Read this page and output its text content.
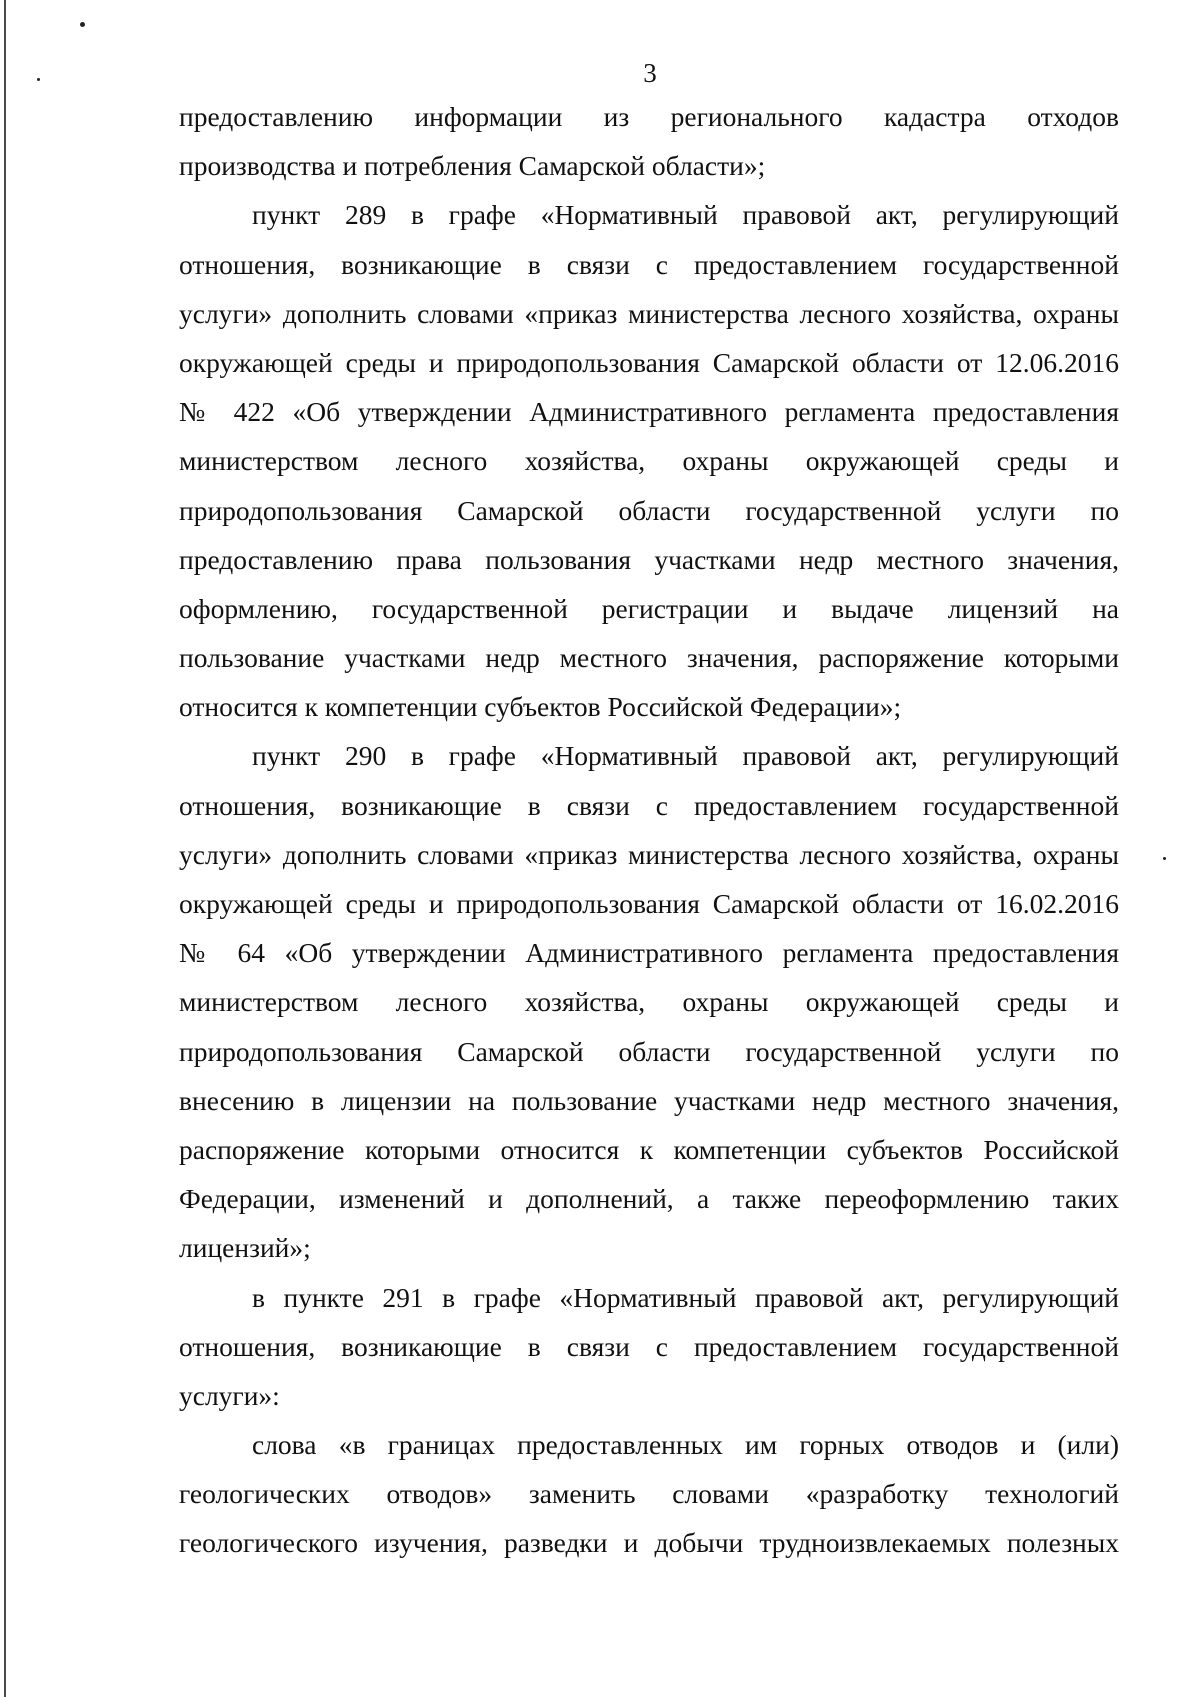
3
предоставлению информации из регионального кадастра отходов
производства и потребления Самарской области»;
пункт 289 в графе «Нормативный правовой акт, регулирующий
отношения, возникающие в связи с предоставлением государственной
услуги» дополнить словами «приказ министерства лесного хозяйства, охраны
окружающей среды и природопользования Самарской области от 12.06.2016
№ 422 «Об утверждении Административного регламента предоставления
министерством лесного хозяйства, охраны окружающей среды и
природопользования Самарской области государственной услуги по
предоставлению права пользования участками недр местного значения,
оформлению, государственной регистрации и выдаче лицензий на
пользование участками недр местного значения, распоряжение которыми
относится к компетенции субъектов Российской Федерации»;
пункт 290 в графе «Нормативный правовой акт, регулирующий
отношения, возникающие в связи с предоставлением государственной
услуги» дополнить словами «приказ министерства лесного хозяйства, охраны
окружающей среды и природопользования Самарской области от 16.02.2016
№ 64 «Об утверждении Административного регламента предоставления
министерством лесного хозяйства, охраны окружающей среды и
природопользования Самарской области государственной услуги по
внесению в лицензии на пользование участками недр местного значения,
распоряжение которыми относится к компетенции субъектов Российской
Федерации, изменений и дополнений, а также переоформлению таких
лицензий»;
в пункте 291 в графе «Нормативный правовой акт, регулирующий
отношения, возникающие в связи с предоставлением государственной
услуги»:
слова «в границах предоставленных им горных отводов и (или)
геологических отводов» заменить словами «разработку технологий
геологического изучения, разведки и добычи трудноизвлекаемых полезных
